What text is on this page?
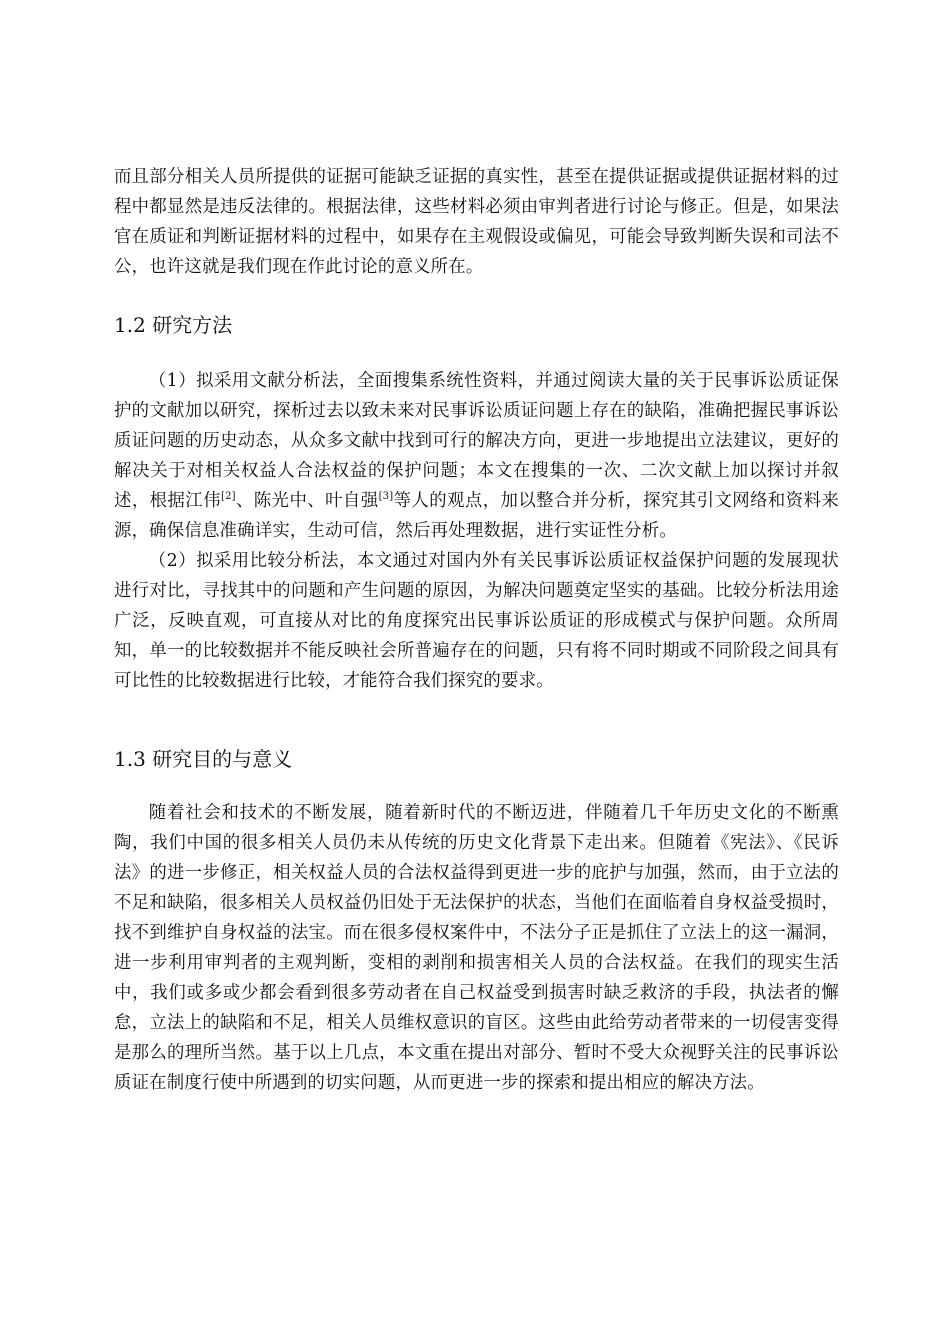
而且部分相关人员所提供的证据可能缺乏证据的真实性，甚至在提供证据或提供证据材料的过程中都显然是违反法律的。根据法律，这些材料必须由审判者进行讨论与修正。但是，如果法官在质证和判断证据材料的过程中，如果存在主观假设或偏见，可能会导致判断失误和司法不公，也许这就是我们现在作此讨论的意义所在。

1.2 研究方法

（1）拟采用文献分析法，全面搜集系统性资料，并通过阅读大量的关于民事诉讼质证保护的文献加以研究，探析过去以致未来对民事诉讼质证问题上存在的缺陷，准确把握民事诉讼质证问题的历史动态，从众多文献中找到可行的解决方向，更进一步地提出立法建议，更好的解决关于对相关权益人合法权益的保护问题；本文在搜集的一次、二次文献上加以探讨并叙述，根据江伟[2]、陈光中、叶自强[3]等人的观点，加以整合并分析，探究其引文网络和资料来源，确保信息准确详实，生动可信，然后再处理数据，进行实证性分析。

（2）拟采用比较分析法，本文通过对国内外有关民事诉讼质证权益保护问题的发展现状进行对比，寻找其中的问题和产生问题的原因，为解决问题奠定坚实的基础。比较分析法用途广泛，反映直观，可直接从对比的角度探究出民事诉讼质证的形成模式与保护问题。众所周知，单一的比较数据并不能反映社会所普遍存在的问题，只有将不同时期或不同阶段之间具有可比性的比较数据进行比较，才能符合我们探究的要求。

1.3 研究目的与意义

随着社会和技术的不断发展，随着新时代的不断迈进，伴随着几千年历史文化的不断熏陶，我们中国的很多相关人员仍未从传统的历史文化背景下走出来。但随着《宪法》、《民诉法》的进一步修正，相关权益人员的合法权益得到更进一步的庇护与加强，然而，由于立法的不足和缺陷，很多相关人员权益仍旧处于无法保护的状态，当他们在面临着自身权益受损时，找不到维护自身权益的法宝。而在很多侵权案件中，不法分子正是抓住了立法上的这一漏洞，进一步利用审判者的主观判断，变相的剥削和损害相关人员的合法权益。在我们的现实生活中，我们或多或少都会看到很多劳动者在自己权益受到损害时缺乏救济的手段，执法者的懈怠，立法上的缺陷和不足，相关人员维权意识的盲区。这些由此给劳动者带来的一切侵害变得是那么的理所当然。基于以上几点，本文重在提出对部分、暂时不受大众视野关注的民事诉讼质证在制度行使中所遇到的切实问题，从而更进一步的探索和提出相应的解决方法。
